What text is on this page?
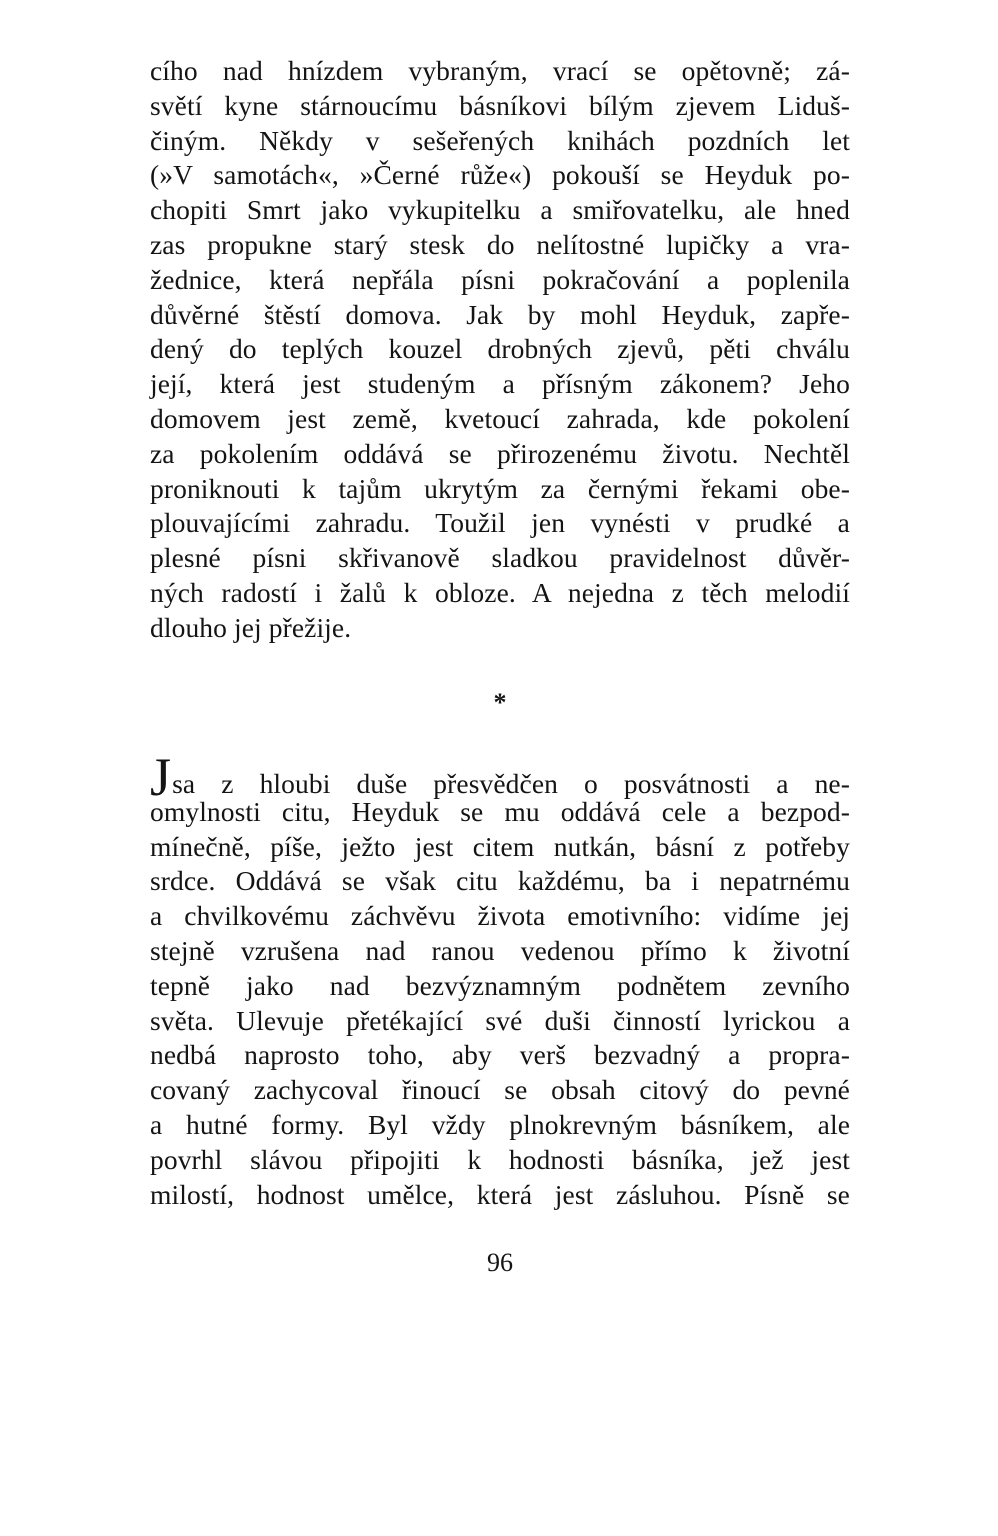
cího nad hnízdem vybraným, vrací se opětovně; zá-
světí kyne stárnoucímu básníkovi bílým zjevem Liduš-
činým. Někdy v sešeřených knihách pozdních let
(»V samotách«, »Černé růže«) pokouší se Heyduk po-
chopiti Smrt jako vykupitelku a smiřovatelku, ale hned
zas propukne starý stesk do nelítostné lupičky a vra-
žednice, která nepřála písni pokračování a poplenila
důvěrné štěstí domova. Jak by mohl Heyduk, zapře-
dený do teplých kouzel drobných zjevů, pěti chválu
její, která jest studeným a přísným zákonem? Jeho
domovem jest země, kvetoucí zahrada, kde pokolení
za pokolením oddává se přirozenému životu. Nechtěl
proniknouti k tajům ukrytým za černými řekami obe-
plouvajícími zahradu. Toužil jen vynésti v prudké a
plesné písni skřivanově sladkou pravidelnost důvěr-
ných radostí i žalů k obloze. A nejedna z těch melodií
dlouho jej přežije.
*
Jsa z hloubi duše přesvědčen o posvátnosti a ne-
omylnosti citu, Heyduk se mu oddává cele a bezpod-
mínečně, píše, ježto jest citem nutkán, básní z potřeby
srdce. Oddává se však citu každému, ba i nepatrnému
a chvilkovému záchvěvu života emotivního: vidíme jej
stejně vzrušena nad ranou vedenou přímo k životní
tepně jako nad bezvýznamným podnětem zevního
světa. Ulevuje přetékající své duši činností lyrickou a
nedbá naprosto toho, aby verš bezvadný a propra-
covaný zachycoval řinoucí se obsah citový do pevné
a hutné formy. Byl vždy plnokrevným básníkem, ale
povrhl slávou připojiti k hodnosti básníka, jež jest
milostí, hodnost umělce, která jest zásluhou. Písně se
96
